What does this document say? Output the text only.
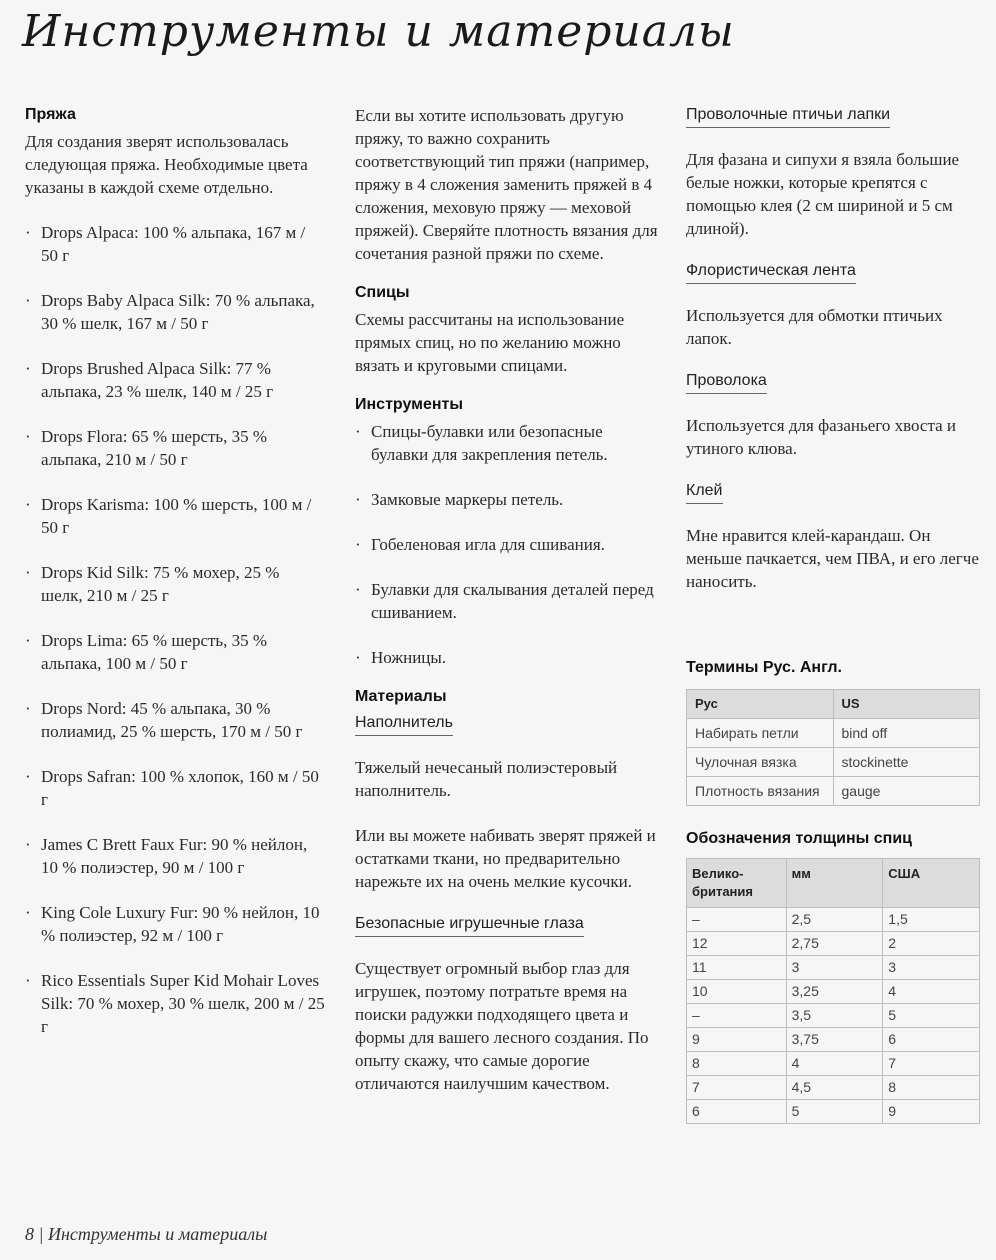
Инструменты и материалы
Пряжа

Для создания зверят использовалась следующая пряжа. Необходимые цвета указаны в каждой схеме отдельно.

· Drops Alpaca: 100 % альпака, 167 м / 50 г

· Drops Baby Alpaca Silk: 70 % альпака, 30 % шелк, 167 м / 50 г

· Drops Brushed Alpaca Silk: 77 % альпака, 23 % шелк, 140 м / 25 г

· Drops Flora: 65 % шерсть, 35 % альпака, 210 м / 50 г

· Drops Karisma: 100 % шерсть, 100 м / 50 г

· Drops Kid Silk: 75 % мохер, 25 % шелк, 210 м / 25 г

· Drops Lima: 65 % шерсть, 35 % альпака, 100 м / 50 г

· Drops Nord: 45 % альпака, 30 % полиамид, 25 % шерсть, 170 м / 50 г

· Drops Safran: 100 % хлопок, 160 м / 50 г

· James C Brett Faux Fur: 90 % нейлон, 10 % полиэстер, 90 м / 100 г

· King Cole Luxury Fur: 90 % нейлон, 10 % полиэстер, 92 м / 100 г

· Rico Essentials Super Kid Mohair Loves Silk: 70 % мохер, 30 % шелк, 200 м / 25 г

Если вы хотите использовать другую пряжу, то важно сохранить соответствующий тип пряжи (например, пряжу в 4 сложения заменить пряжей в 4 сложения, меховую пряжу — меховой пряжей). Сверяйте плотность вязания для сочетания разной пряжи по схеме.

Спицы

Схемы рассчитаны на использование прямых спиц, но по желанию можно вязать и круговыми спицами.

Инструменты

· Спицы-булавки или безопасные булавки для закрепления петель.

· Замковые маркеры петель.

· Гобеленовая игла для сшивания.

· Булавки для скалывания деталей перед сшиванием.

· Ножницы.

Материалы
Наполнитель

Тяжелый нечесаный полиэстеровый наполнитель.

Или вы можете набивать зверят пряжей и остатками ткани, но предварительно нарежьте их на очень мелкие кусочки.

Безопасные игрушечные глаза

Существует огромный выбор глаз для игрушек, поэтому потратьте время на поиски радужки подходящего цвета и формы для вашего лесного создания. По опыту скажу, что самые дорогие отличаются наилучшим качеством.

Проволочные птичьи лапки

Для фазана и сипухи я взяла большие белые ножки, которые крепятся с помощью клея (2 см шириной и 5 см длиной).

Флористическая лента

Используется для обмотки птичьих лапок.

Проволока

Используется для фазаньего хвоста и утиного клюва.

Клей

Мне нравится клей-карандаш. Он меньше пачкается, чем ПВА, и его легче наносить.

Термины Рус. Англ.
Рус	US
Набирать петли	bind off
Чулочная вязка	stockinette
Плотность вязания	gauge
Обозначения толщины спиц
Великобритания	мм	США
–	2,5	1,5
12	2,75	2
11	3	3
10	3,25	4
–	3,5	5
9	3,75	6
8	4	7
7	4,5	8
6	5	9
8 | Инструменты и материалы
